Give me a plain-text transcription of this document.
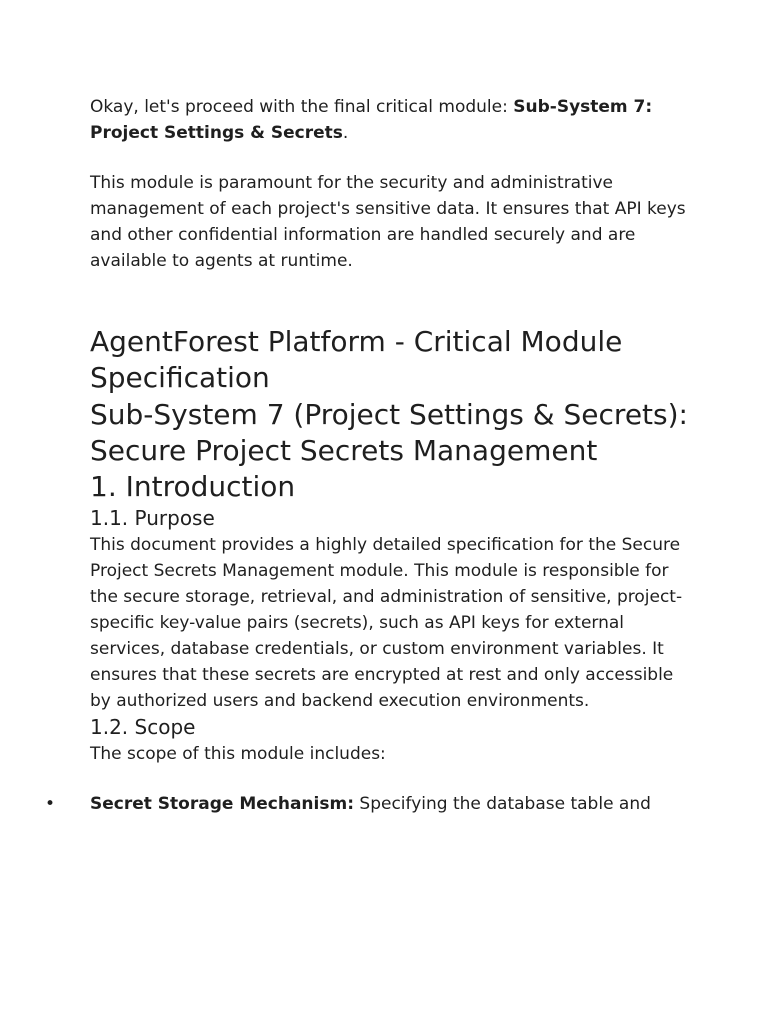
Okay, let's proceed with the final critical module: Sub-System 7: Project Settings & Secrets.

This module is paramount for the security and administrative management of each project's sensitive data. It ensures that API keys and other confidential information are handled securely and are available to agents at runtime.

AgentForest Platform - Critical Module Specification
Sub-System 7 (Project Settings & Secrets): Secure Project Secrets Management
1. Introduction
1.1. Purpose

This document provides a highly detailed specification for the Secure Project Secrets Management module. This module is responsible for the secure storage, retrieval, and administration of sensitive, project-specific key-value pairs (secrets), such as API keys for external services, database credentials, or custom environment variables. It ensures that these secrets are encrypted at rest and only accessible by authorized users and backend execution environments.

1.2. Scope

The scope of this module includes:

• Secret Storage Mechanism: Specifying the database table and
